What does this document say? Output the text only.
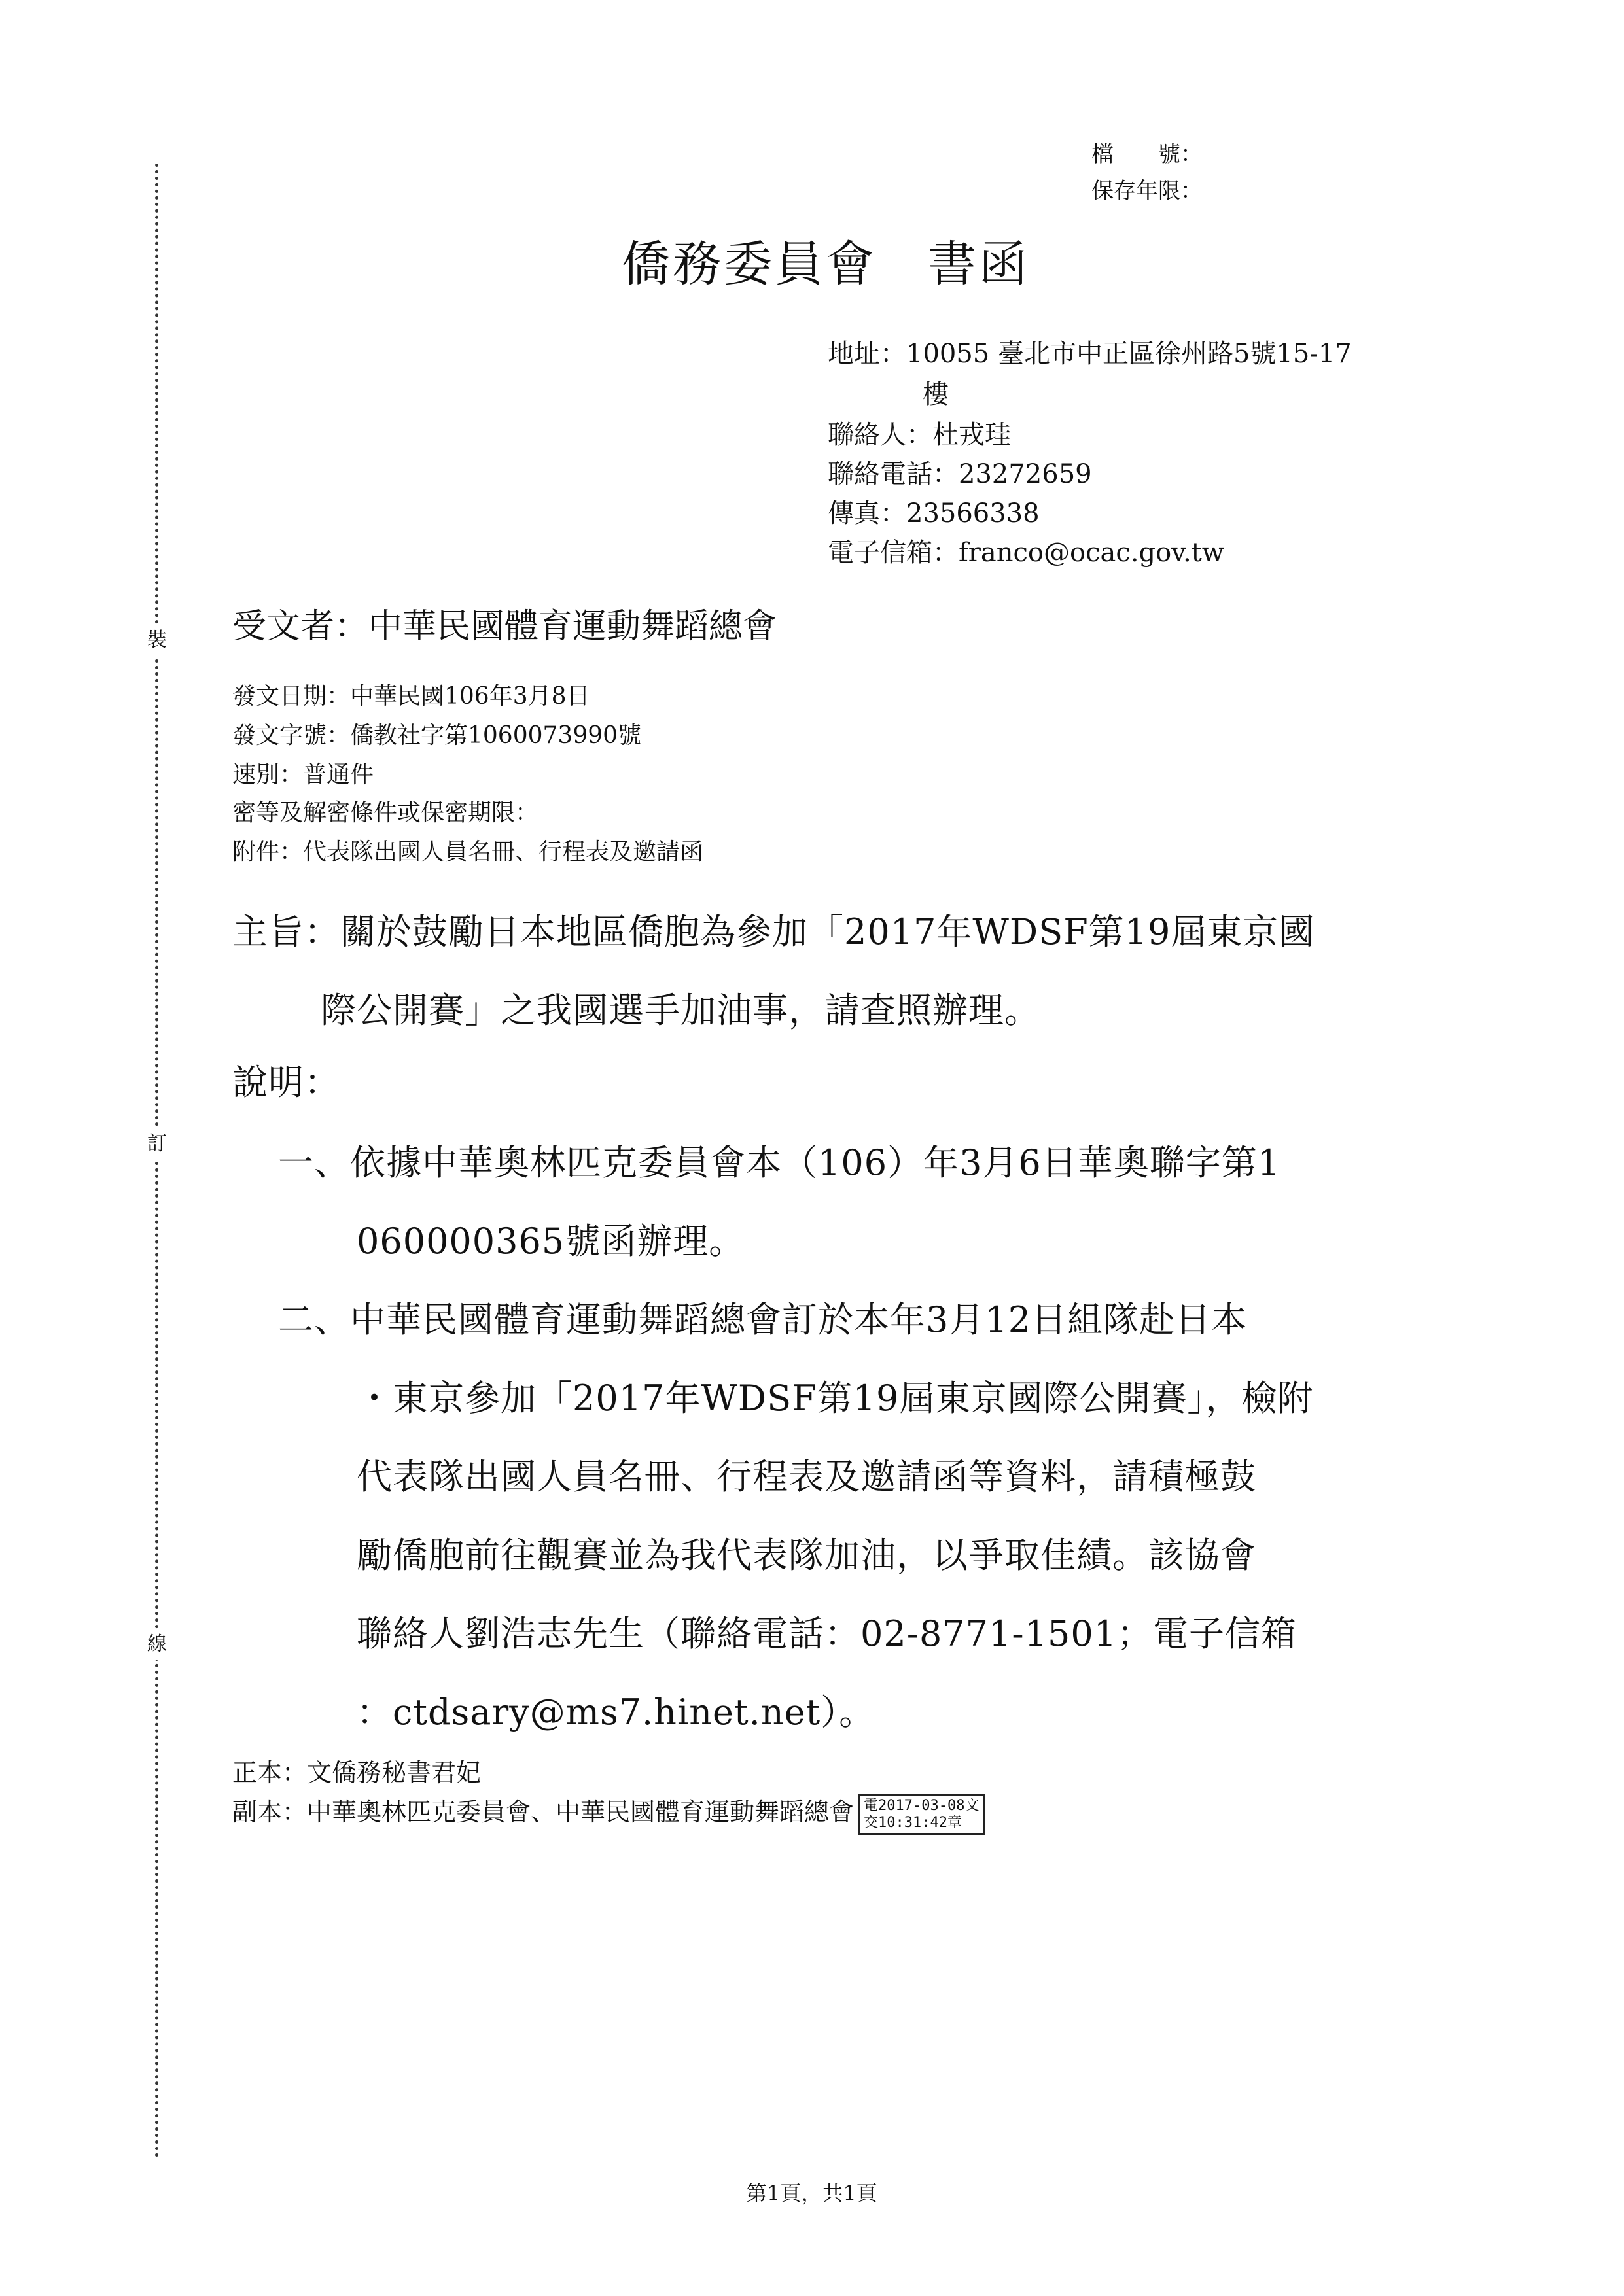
裝
訂
線
檔　　號：
保存年限：
僑務委員會　書函
地址：10055 臺北市中正區徐州路5號15-17
樓
聯絡人：杜戎珪
聯絡電話：23272659
傳真：23566338
電子信箱：franco@ocac.gov.tw
受文者：中華民國體育運動舞蹈總會
發文日期：中華民國106年3月8日
發文字號：僑教社字第1060073990號
速別：普通件
密等及解密條件或保密期限：
附件：代表隊出國人員名冊、行程表及邀請函
主旨：關於鼓勵日本地區僑胞為參加「2017年WDSF第19屆東京國
際公開賽」之我國選手加油事，請查照辦理。
說明：
一、依據中華奧林匹克委員會本（106）年3月6日華奧聯字第1
060000365號函辦理。
二、中華民國體育運動舞蹈總會訂於本年3月12日組隊赴日本
・東京參加「2017年WDSF第19屆東京國際公開賽」，檢附
代表隊出國人員名冊、行程表及邀請函等資料，請積極鼓
勵僑胞前往觀賽並為我代表隊加油，以爭取佳績。該協會
聯絡人劉浩志先生（聯絡電話：02-8771-1501；電子信箱
：ctdsary@ms7.hinet.net）。
正本：文僑務秘書君妃
副本：中華奧林匹克委員會、中華民國體育運動舞蹈總會 電2017-03-08文
交10:31:42章
第1頁，共1頁
